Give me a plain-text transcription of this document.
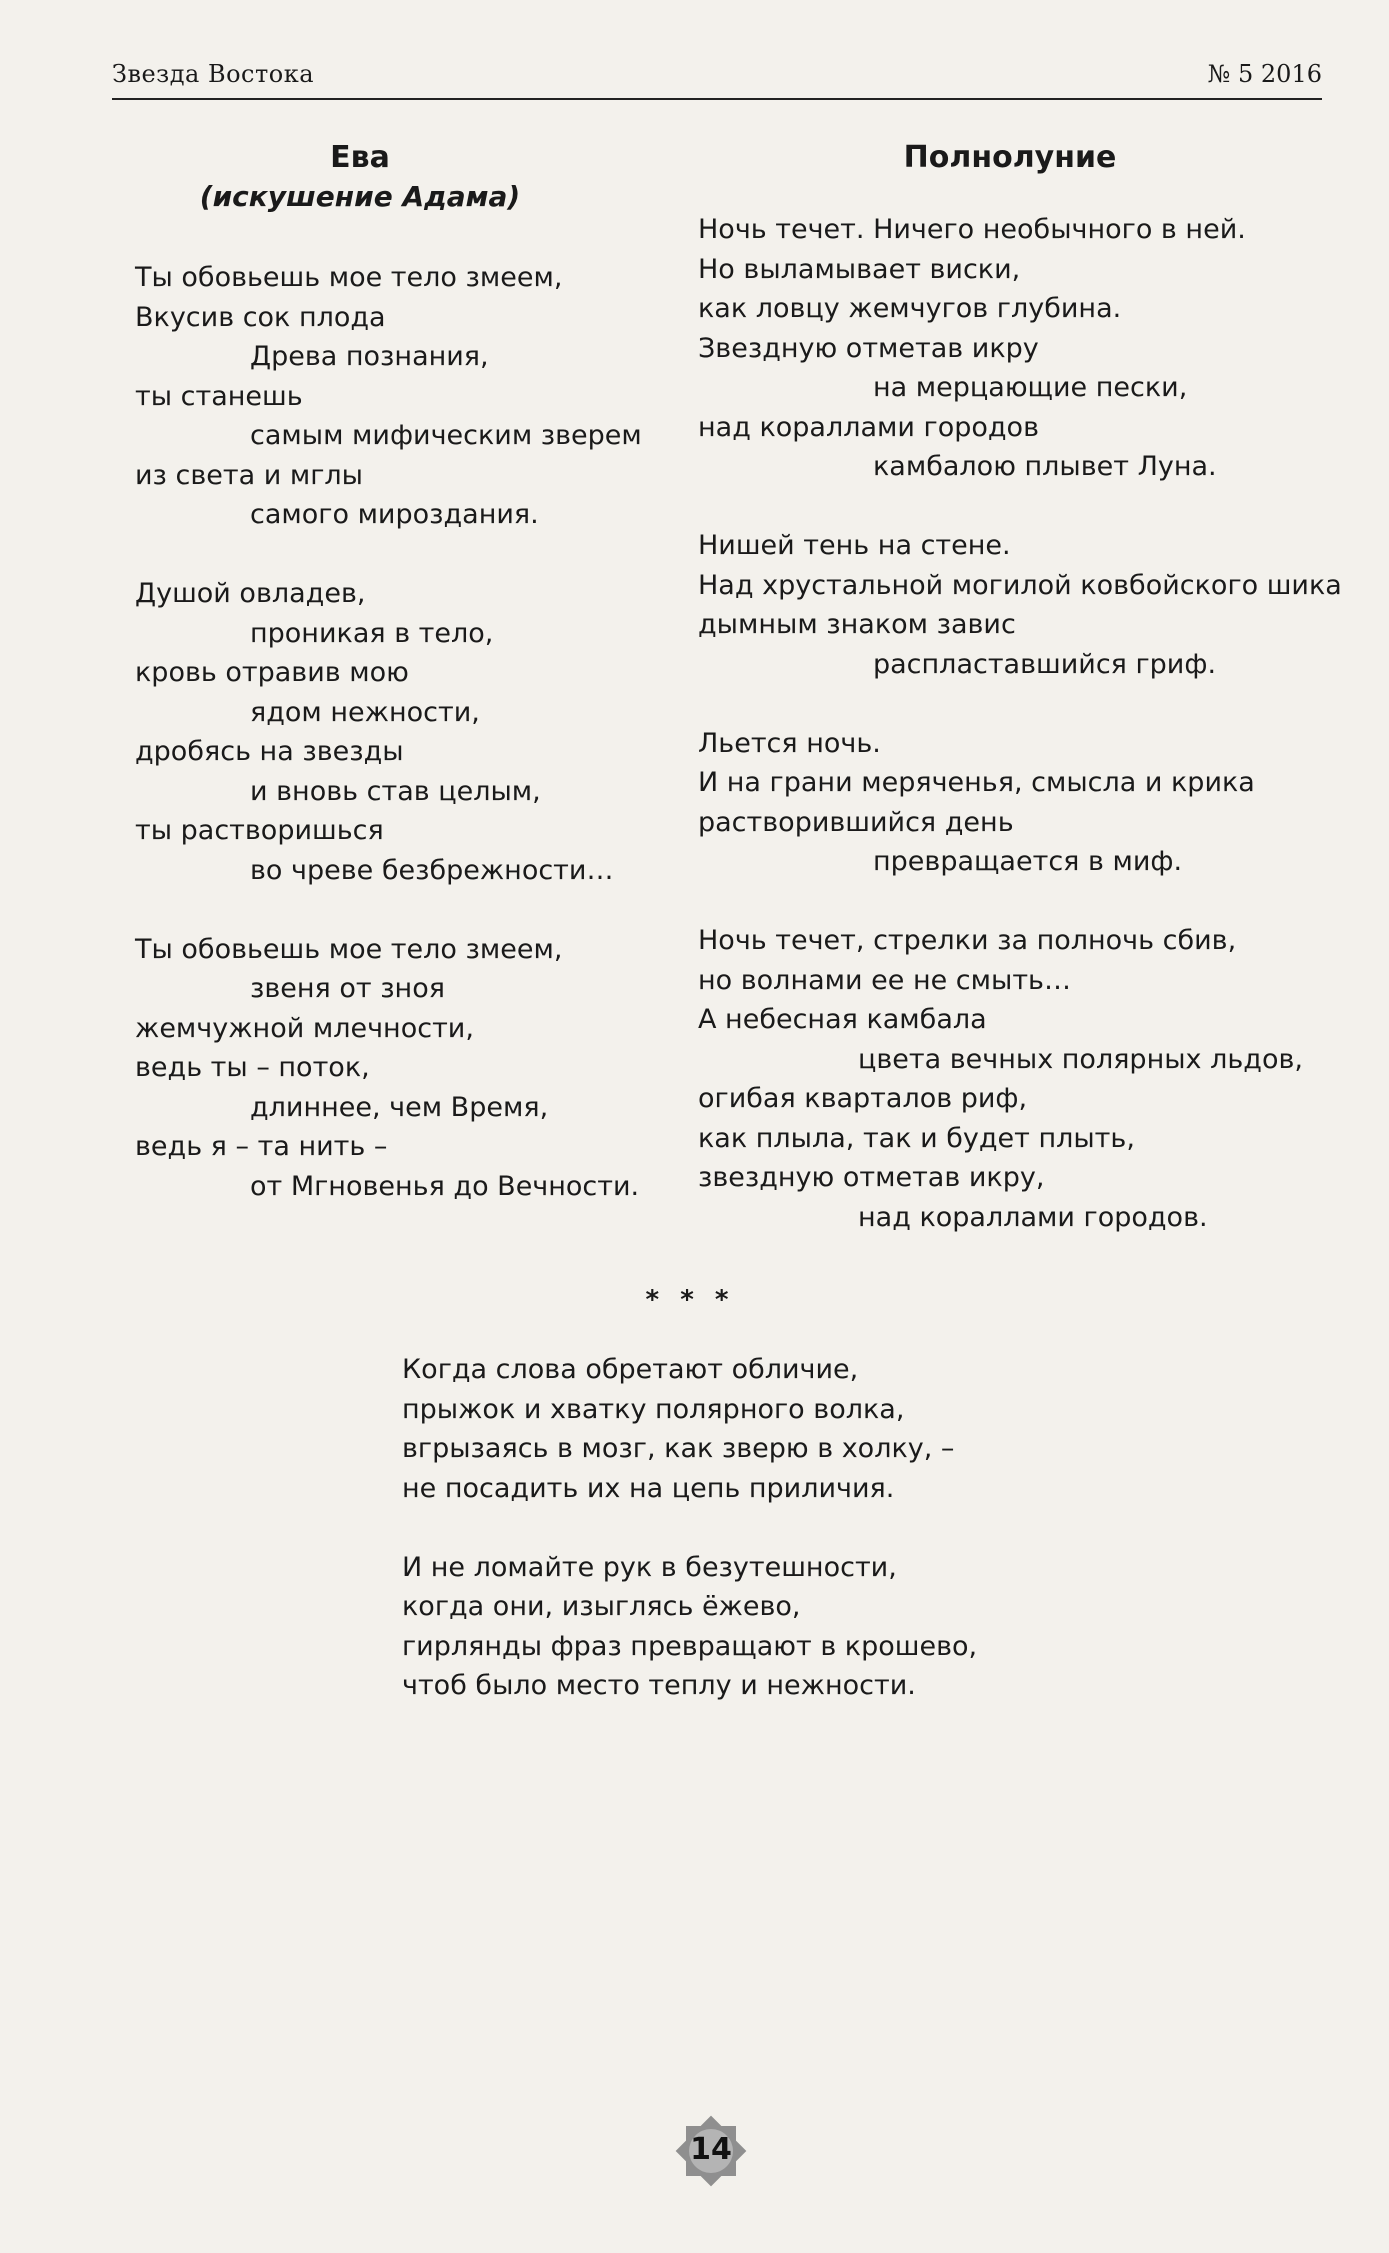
Звезда Востока	№ 5 2016
Ева
(искушение Адама)
Ты обовьешь мое тело змеем,
Вкусив сок плода
Древа познания,
ты станешь
самым мифическим зверем
из света и мглы
самого мироздания.
Душой овладев,
проникая в тело,
кровь отравив мою
ядом нежности,
дробясь на звезды
и вновь став целым,
ты растворишься
во чреве безбрежности…
Ты обовьешь мое тело змеем,
звеня от зноя
жемчужной млечности,
ведь ты – поток,
длиннее, чем Время,
ведь я – та нить –
от Мгновенья до Вечности.
Полнолуние
Ночь течет. Ничего необычного в ней.
Но выламывает виски,
как ловцу жемчугов глубина.
Звездную отметав икру
на мерцающие пески,
над кораллами городов
камбалою плывет Луна.
Нишей тень на стене.
Над хрустальной могилой ковбойского шика
дымным знаком завис
распластавшийся гриф.
Льется ночь.
И на грани меряченья, смысла и крика
растворившийся день
превращается в миф.
Ночь течет, стрелки за полночь сбив,
но волнами ее не смыть…
А небесная камбала
цвета вечных полярных льдов,
огибая кварталов риф,
как плыла, так и будет плыть,
звездную отметав икру,
над кораллами городов.
* * *
Когда слова обретают обличие,
прыжок и хватку полярного волка,
вгрызаясь в мозг, как зверю в холку, –
не посадить их на цепь приличия.
И не ломайте рук в безутешности,
когда они, изыглясь ёжево,
гирлянды фраз превращают в крошево,
чтоб было место теплу и нежности.
14
